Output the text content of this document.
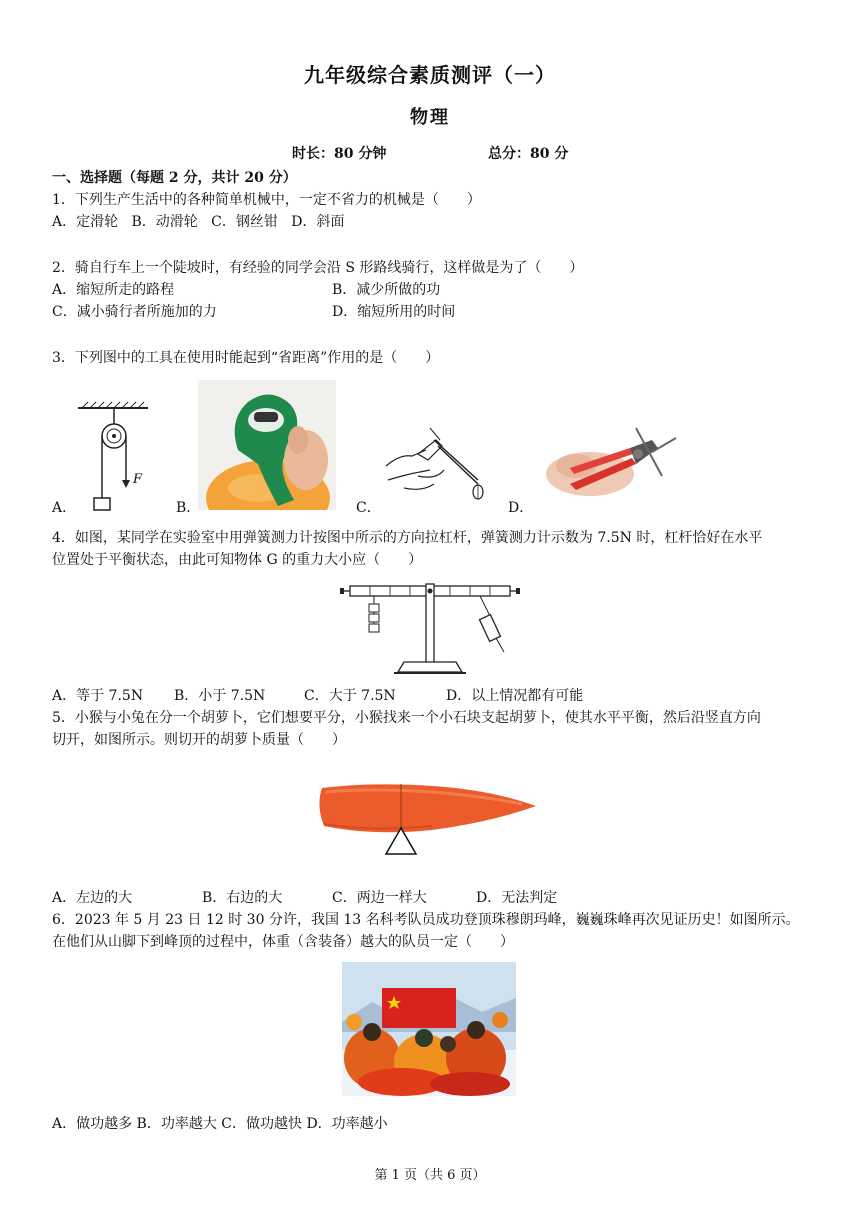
九年级综合素质测评（一）
物理
时长：80 分钟	总分：80 分
一、选择题（每题 2 分，共计 20 分）
1．下列生产生活中的各种简单机械中，一定不省力的机械是（　　）
A．定滑轮 B．动滑轮 C．钢丝钳 D．斜面
2．骑自行车上一个陡坡时，有经验的同学会沿 S 形路线骑行，这样做是为了（　　）
A．缩短所走的路程	B．减少所做的功
C．减小骑行者所施加的力	D．缩短所用的时间
3．下列图中的工具在使用时能起到“省距离”作用的是（　　）
F
A．	B．	C．	D．
4．如图，某同学在实验室中用弹簧测力计按图中所示的方向拉杠杆，弹簧测力计示数为 7.5N 时，杠杆恰好在水平
位置处于平衡状态，由此可知物体 G 的重力大小应（　　）
A．等于 7.5N B．小于 7.5N	C．大于 7.5N	D．以上情况都有可能
5．小猴与小兔在分一个胡萝卜，它们想要平分，小猴找来一个小石块支起胡萝卜，使其水平平衡，然后沿竖直方向
切开，如图所示。则切开的胡萝卜质量（　　）
A．左边的大	B．右边的大	C．两边一样大	D．无法判定
6．2023 年 5 月 23 日 12 时 30 分许，我国 13 名科考队员成功登顶珠穆朗玛峰，巍巍珠峰再次见证历史！如图所示。
在他们从山脚下到峰顶的过程中，体重（含装备）越大的队员一定（　　）
A．做功越多 B．功率越大 C．做功越快 D．功率越小
第 1 页（共 6 页）
